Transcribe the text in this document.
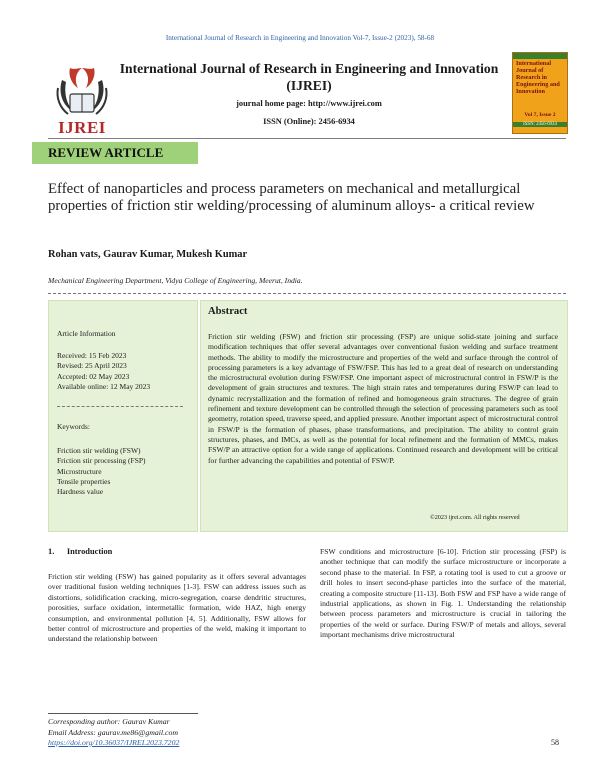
International Journal of Research in Engineering and Innovation Vol-7, Issue-2 (2023), 58-68
IJREI
International Journal of Research in Engineering and Innovation
(IJREI)
journal home page: http://www.ijrei.com
ISSN (Online): 2456-6934
International Journal of Research in Engineering and Innovation
Vol 7, Issue 2
ISSN: 2456-6934
REVIEW ARTICLE
Effect of nanoparticles and process parameters on mechanical and metallurgical properties of friction stir welding/processing of aluminum alloys- a critical review
Rohan vats, Gaurav Kumar, Mukesh Kumar
Mechanical Engineering Department, Vidya College of Engineering, Meerut, India.
Article Information
Received: 15 Feb 2023
Revised: 25 April 2023
Accepted: 02 May 2023
Available online: 12 May 2023
Keywords:
Friction stir welding (FSW)
Friction stir processing (FSP)
Microstructure
Tensile properties
Hardness value
Abstract
Friction stir welding (FSW) and friction stir processing (FSP) are unique solid-state joining and surface modification techniques that offer several advantages over conventional fusion welding and surface treatment methods. The ability to modify the microstructure and properties of the weld and surface through the control of processing parameters is a key advantage of FSW/FSP. This has led to a great deal of research on understanding the microstructural evolution during FSW/FSP. One important aspect of microstructural control in FSW/P is the development of grain structures and textures. The high strain rates and temperatures during FSW/P can lead to dynamic recrystallization and the formation of refined and homogeneous grain structures. The degree of grain refinement and texture development can be controlled through the selection of processing parameters such as tool geometry, rotation speed, traverse speed, and applied pressure. Another important aspect of microstructural control in FSW/P is the formation of phases, phase transformations, and precipitation. The ability to control grain structures, phases, and IMCs, as well as the potential for local refinement and the formation of MMCs, makes FSW/P an attractive option for a wide range of applications. Continued research and development will be critical for further advancing the capabilities and potential of FSW/P.
©2023 ijrei.com. All rights reserved
1.      Introduction
Friction stir welding (FSW) has gained popularity as it offers several advantages over traditional fusion welding techniques [1-3]. FSW can address issues such as distortions, solidification cracking, micro-segregation, coarse dendritic structures, porosities, surface oxidation, intermetallic formation, wide HAZ, high energy consumption, and environmental pollution [4, 5]. Additionally, FSW allows for better control of microstructure and properties of the weld, making it important to understand the relationship between
FSW conditions and microstructure [6-10]. Friction stir processing (FSP) is another technique that can modify the surface microstructure or incorporate a second phase to the material. In FSP, a rotating tool is used to cut a groove or drill holes to insert second-phase particles into the surface of the material, creating a composite structure [11-13]. Both FSW and FSP have a wide range of industrial applications, as shown in Fig. 1. Understanding the relationship between process parameters and microstructure is crucial in tailoring the properties of the weld or surface. During FSW/P of metals and alloys, several important mechanisms drive microstructural
Corresponding author: Gaurav Kumar
Email Address: gaurav.me86@gmail.com
https://doi.org/10.36037/IJREI.2023.7202	58
